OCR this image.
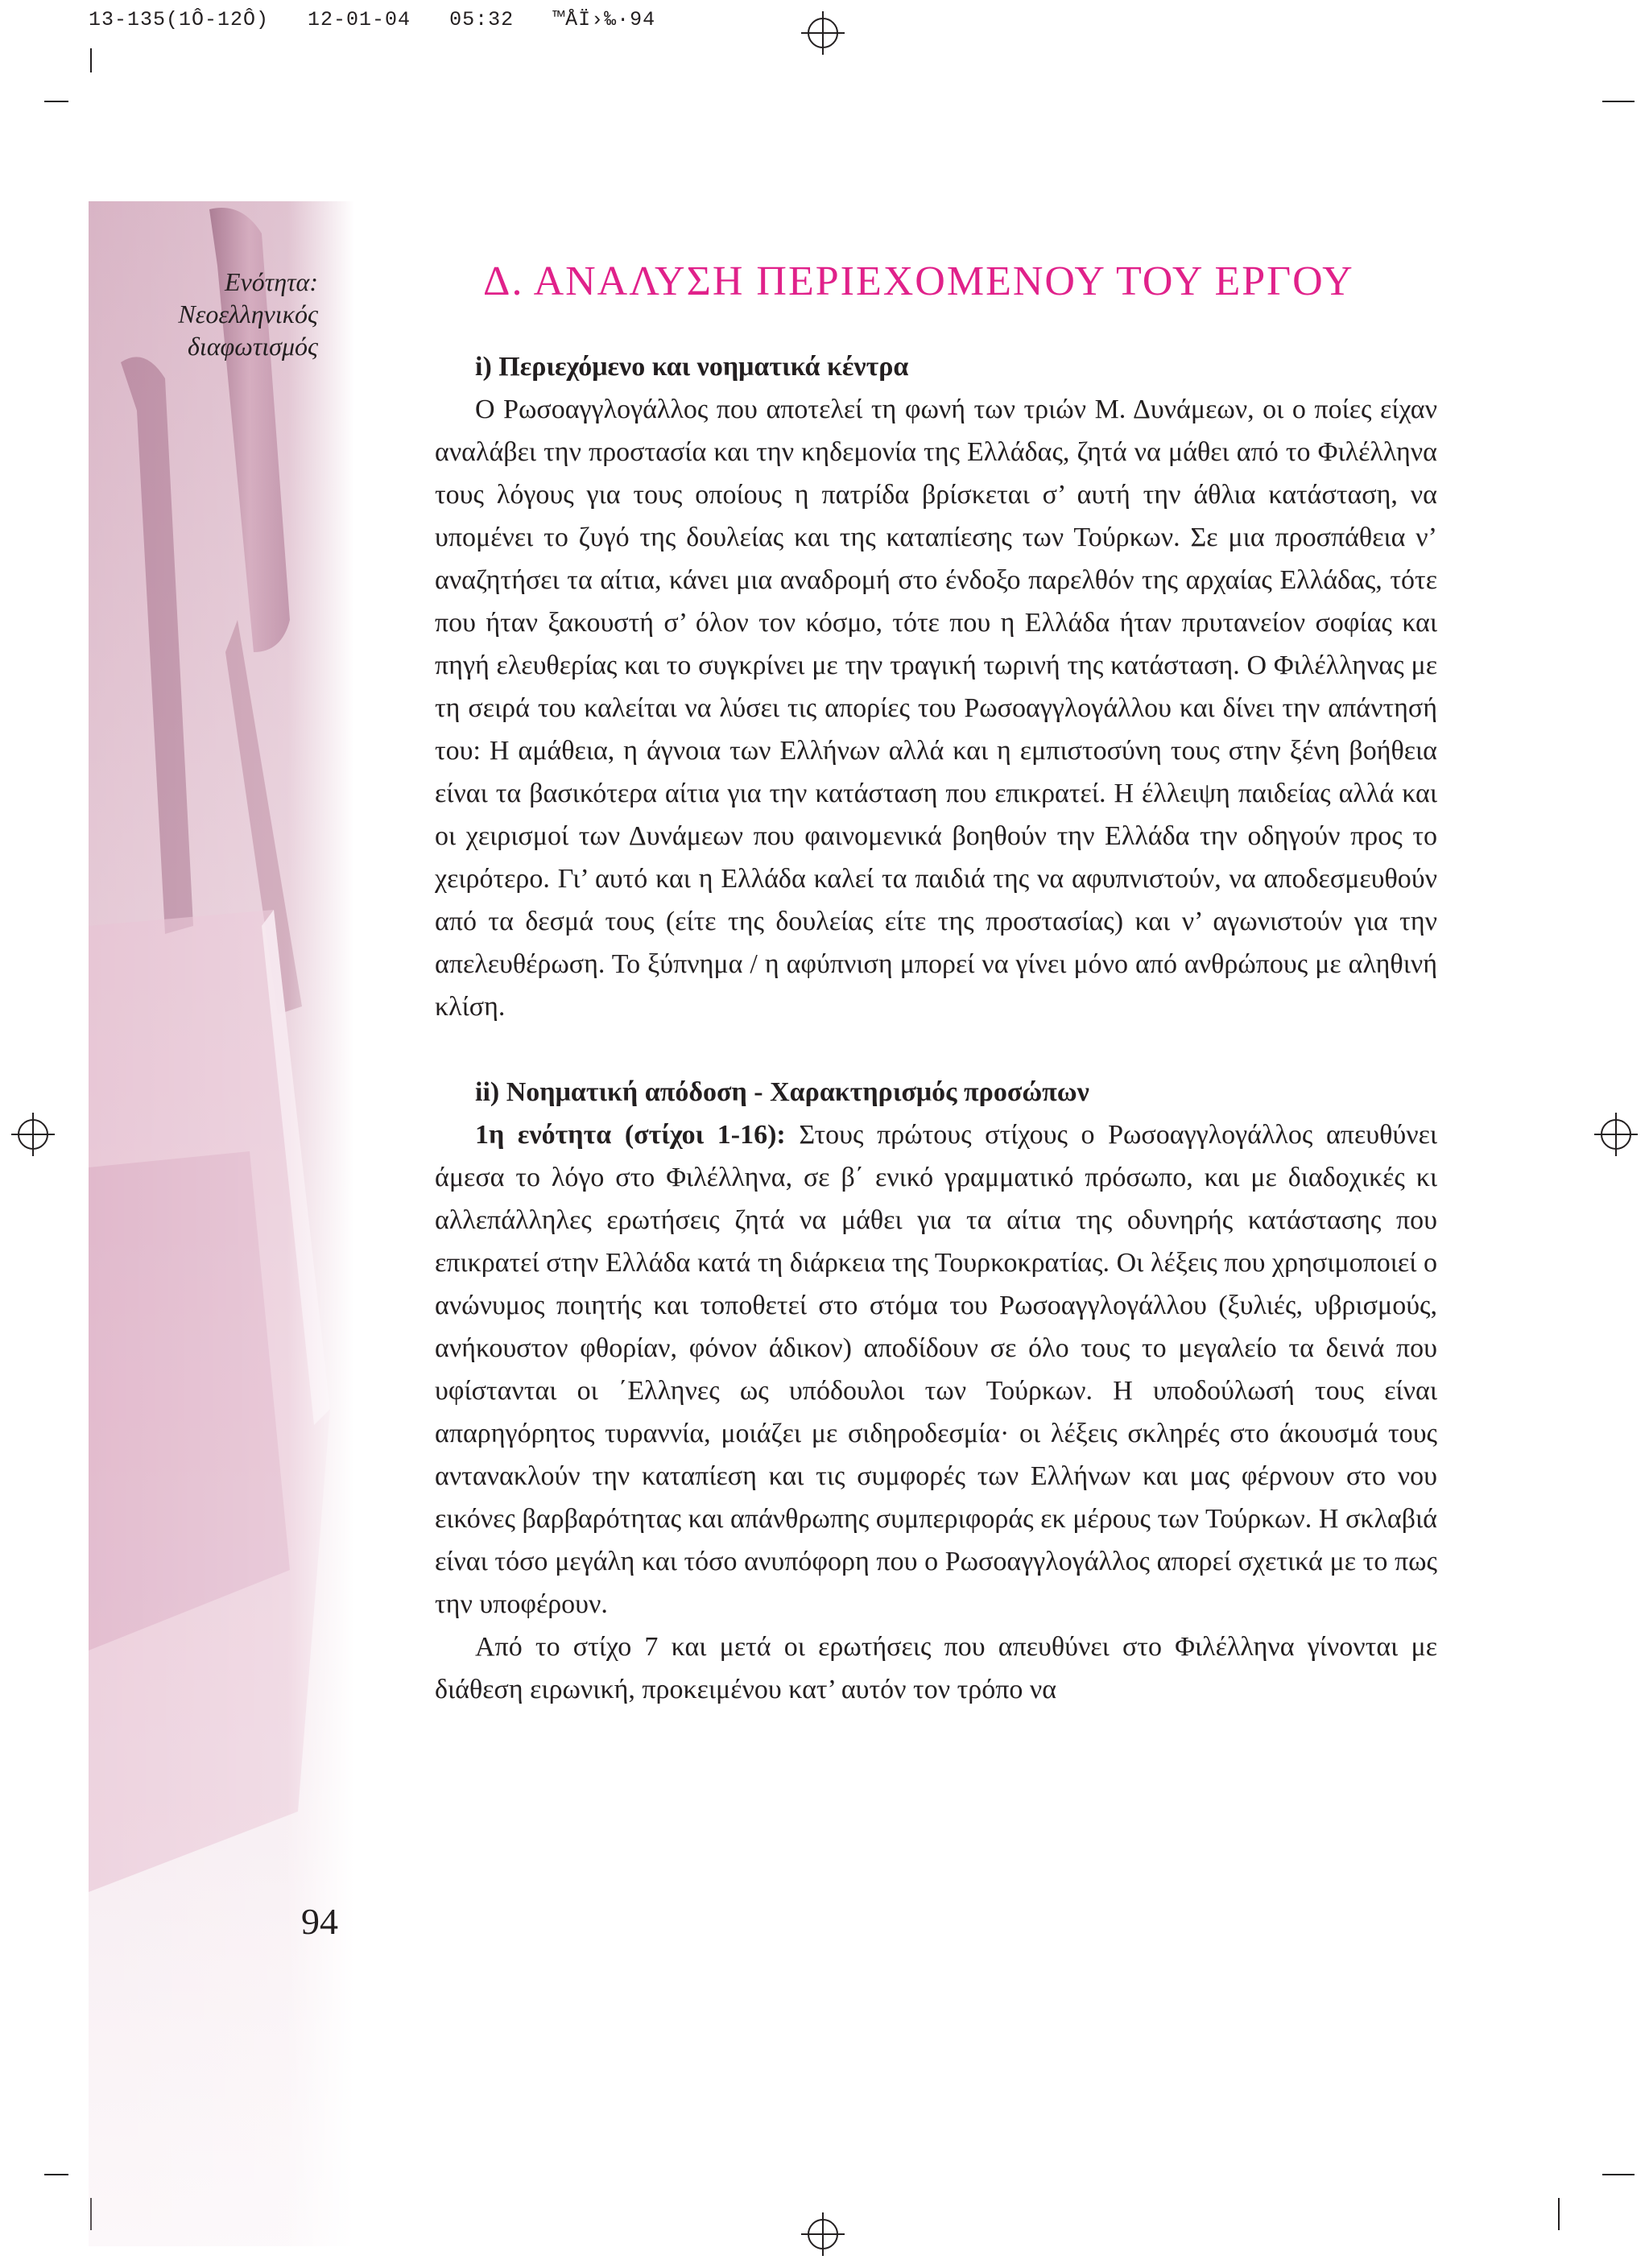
13-135(1Ô-12Ô)   12-01-04   05:32   ™ÅÏ›‰·94
Ενότητα:
Νεοελληνικός
διαφωτισμός
94
Δ. ΑΝΑΛΥΣΗ ΠΕΡΙΕΧΟΜΕΝΟΥ ΤΟΥ ΕΡΓΟΥ
i) Περιεχόμενο και νοηματικά κέντρα

Ο Ρωσοαγγλογάλλος που αποτελεί τη φωνή των τριών Μ. Δυνάμεων, οι ο ποίες είχαν αναλάβει την προστασία και την κηδεμονία της Ελλάδας, ζητά να μάθει από το Φιλέλληνα τους λόγους για τους οποίους η πατρίδα βρίσκεται σ’ αυτή την άθλια κατάσταση, να υπομένει το ζυγό της δουλείας και της καταπίεσης των Τούρκων. Σε μια προσπάθεια ν’ αναζητήσει τα αίτια, κάνει μια αναδρομή στο ένδοξο παρελθόν της αρχαίας Ελλάδας, τότε που ήταν ξακουστή σ’ όλον τον κόσμο, τότε που η Ελλάδα ήταν πρυτανείον σοφίας και πηγή ελευθερίας και το συγκρίνει με την τραγική τωρινή της κατάσταση. Ο Φιλέλληνας με τη σειρά του καλείται να λύσει τις απορίες του Ρωσοαγγλογάλλου και δίνει την απάντησή του: Η αμάθεια, η άγνοια των Ελλήνων αλλά και η εμπιστοσύνη τους στην ξένη βοήθεια είναι τα βασικότερα αίτια για την κατάσταση που επικρατεί. Η έλλειψη παιδείας αλλά και οι χειρισμοί των Δυνάμεων που φαινομενικά βοηθούν την Ελλάδα την οδηγούν προς το χειρότερο. Γι’ αυτό και η Ελλάδα καλεί τα παιδιά της να αφυπνιστούν, να αποδεσμευθούν από τα δεσμά τους (είτε της δουλείας είτε της προστασίας) και ν’ αγωνιστούν για την απελευθέρωση. Το ξύπνημα / η αφύπνιση μπορεί να γίνει μόνο από ανθρώπους με αληθινή κλίση.

ii) Νοηματική απόδοση - Χαρακτηρισμός προσώπων

1η ενότητα (στίχοι 1-16): Στους πρώτους στίχους ο Ρωσοαγγλογάλλος απευθύνει άμεσα το λόγο στο Φιλέλληνα, σε β΄ ενικό γραμματικό πρόσωπο, και με διαδοχικές κι αλλεπάλληλες ερωτήσεις ζητά να μάθει για τα αίτια της οδυνηρής κατάστασης που επικρατεί στην Ελλάδα κατά τη διάρκεια της Τουρκοκρατίας. Οι λέξεις που χρησιμοποιεί ο ανώνυμος ποιητής και τοποθετεί στο στόμα του Ρωσοαγγλογάλλου (ξυλιές, υβρισμούς, ανήκουστον φθορίαν, φόνον άδικον) αποδίδουν σε όλο τους το μεγαλείο τα δεινά που υφίστανται οι ΄Ελληνες ως υπόδουλοι των Τούρκων. Η υποδούλωσή τους είναι απαρηγόρητος τυραννία, μοιάζει με σιδηροδεσμία· οι λέξεις σκληρές στο άκουσμά τους αντανακλούν την καταπίεση και τις συμφορές των Ελλήνων και μας φέρνουν στο νου εικόνες βαρβαρότητας και απάνθρωπης συμπεριφοράς εκ μέρους των Τούρκων. Η σκλαβιά είναι τόσο μεγάλη και τόσο ανυπόφορη που ο Ρωσοαγγλογάλλος απορεί σχετικά με το πως την υποφέρουν.

Από το στίχο 7 και μετά οι ερωτήσεις που απευθύνει στο Φιλέλληνα γίνονται με διάθεση ειρωνική, προκειμένου κατ’ αυτόν τον τρόπο να
